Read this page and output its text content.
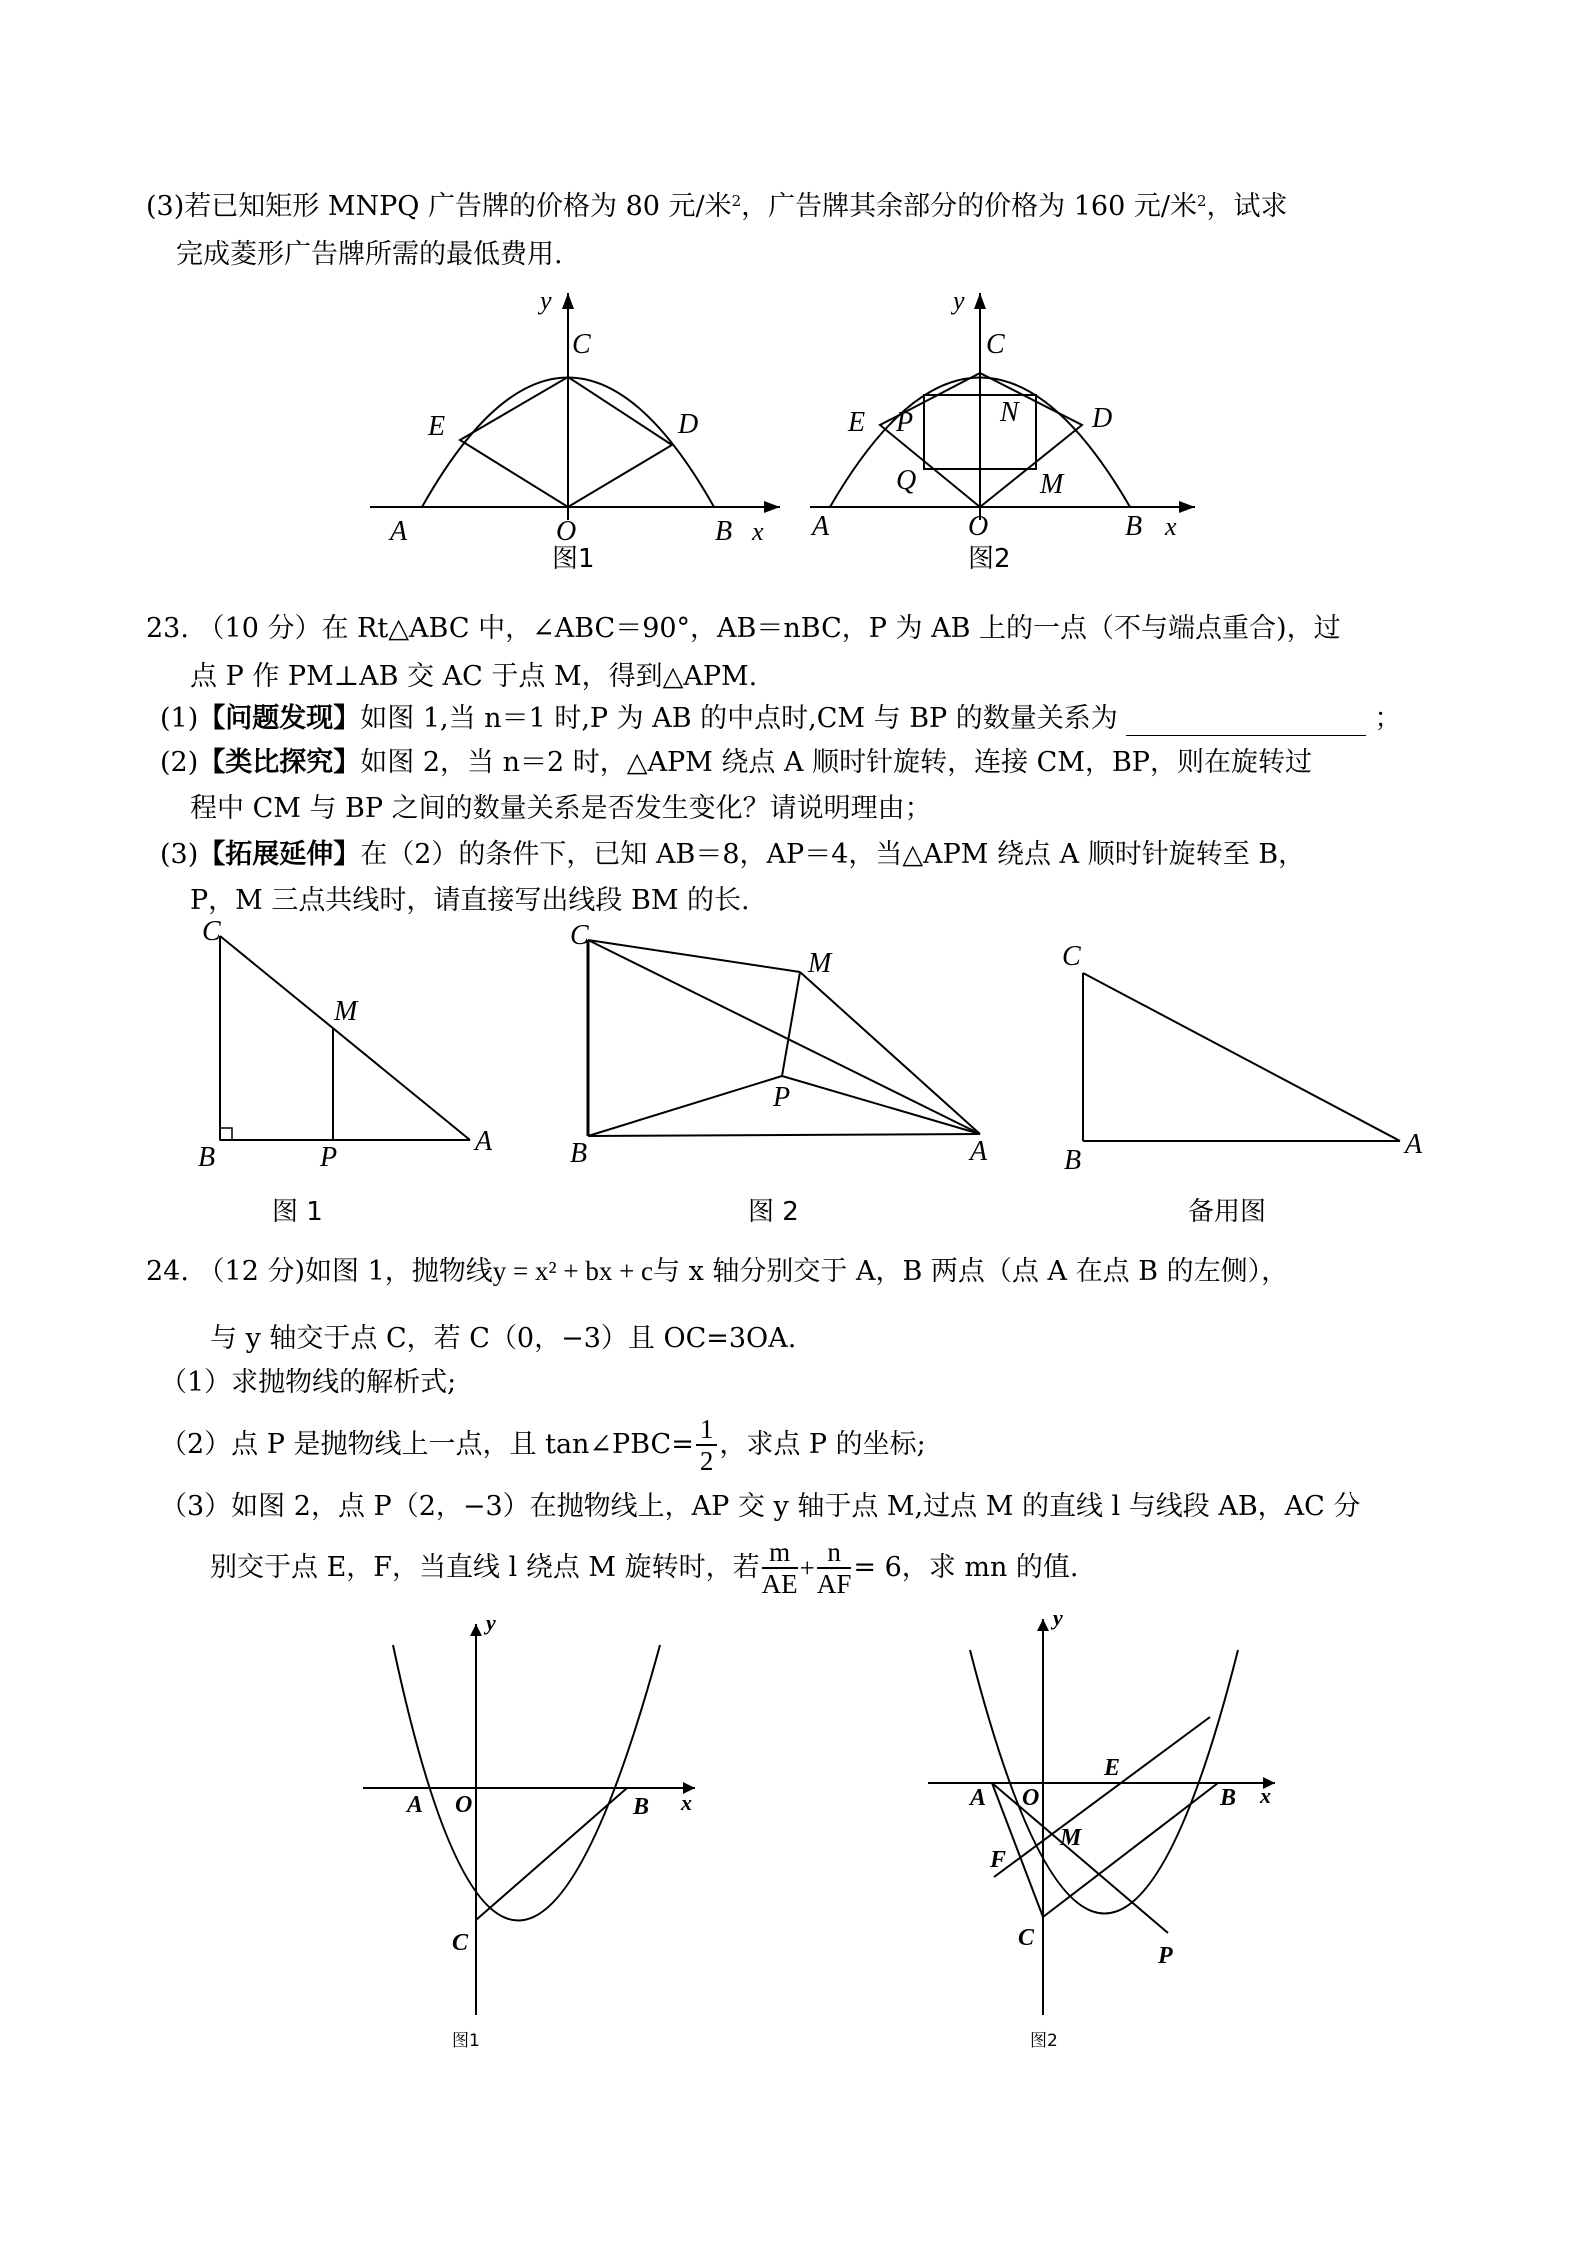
(3)若已知矩形 MNPQ 广告牌的价格为 80 元/米$^2$，广告牌其余部分的价格为 160 元/米$^2$，试求
完成菱形广告牌所需的最低费用.
y
C
E	D
A	O	B x
图1
y
C
E P	N	D
Q	M
A	O	B x
图2
23. （10 分）在 Rt△ABC 中，∠ABC＝90°，AB＝nBC，P 为 AB 上的一点（不与端点重合)，过
点 P 作 PM⊥AB 交 AC 于点 M，得到△APM.
(1)【问题发现】如图 1,当 n＝1 时,P 为 AB 的中点时,CM 与 BP 的数量关系为	；
(2)【类比探究】如图 2，当 n＝2 时，△APM 绕点 A 顺时针旋转，连接 CM，BP，则在旋转过
程中 CM 与 BP 之间的数量关系是否发生变化？请说明理由；
(3)【拓展延伸】在（2）的条件下，已知 AB＝8，AP＝4，当△APM 绕点 A 顺时针旋转至 B，
P，M 三点共线时，请直接写出线段 BM 的长.
C
M
B	P
A
图 1
C
M
P
B	A
图 2
C
B
A
备用图
24. （12 分)如图 1，抛物线y = x² + bx + c与 x 轴分别交于 A，B 两点（点 A 在点 B 的左侧），
与 y 轴交于点 C，若 C（0，−3）且 OC=3OA.
（1）求抛物线的解析式;
（2）点 P 是抛物线上一点，且 tan∠PBC= $\frac{1}{2}$ ，求点 P 的坐标;
（3）如图 2，点 P（2，−3）在抛物线上，AP 交 y 轴于点 M,过点 M 的直线 l 与线段 AB，AC 分
别交于点 E，F，当直线 l 绕点 M 旋转时，若 $\frac{m}{AE} + \frac{n}{AF} = 6$，求 mn 的值.
y
A O	B x
C
图1
y
A O
E
B x
M
F
C
P
图2
